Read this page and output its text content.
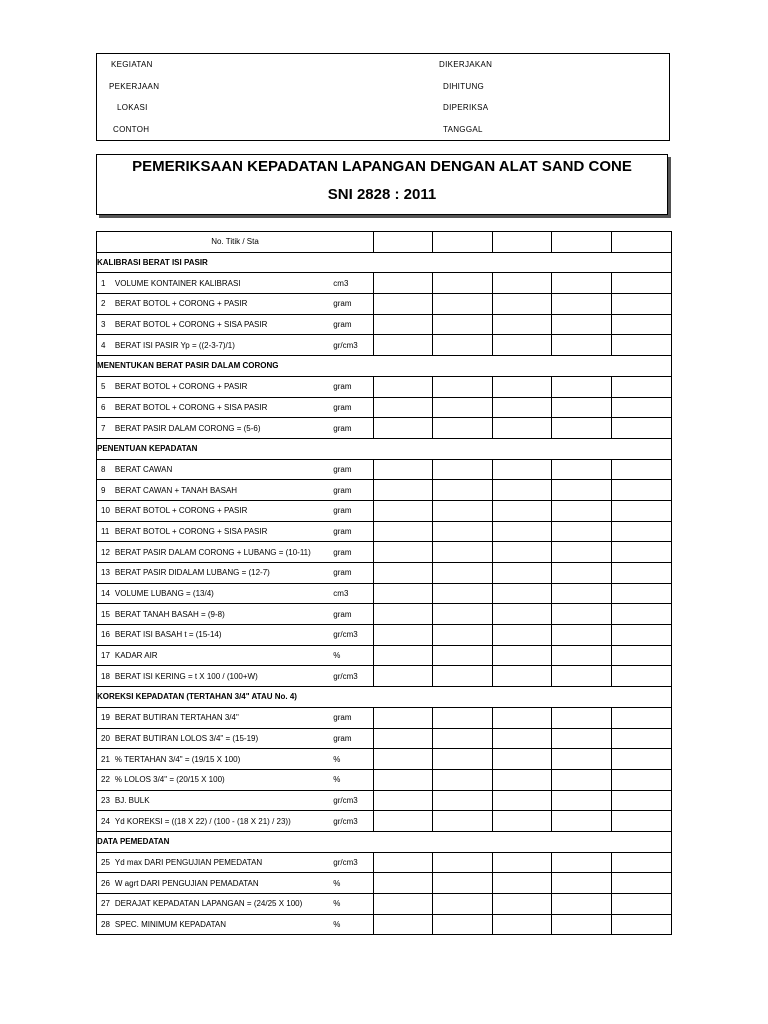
KEGIATAN
PEKERJAAN
LOKASI
CONTOH
DIKERJAKAN
DIHITUNG
DIPERIKSA
TANGGAL
PEMERIKSAAN KEPADATAN LAPANGAN DENGAN ALAT SAND CONE
SNI 2828 : 2011
No. Titik / Sta					
KALIBRASI BERAT ISI PASIR					

1 VOLUME KONTAINER KALIBRASI cm3					

2 BERAT BOTOL + CORONG + PASIR gram					

3 BERAT BOTOL + CORONG + SISA PASIR gram					

4 BERAT ISI PASIR Yp = ((2-3-7)/1) gr/cm3					

MENENTUKAN BERAT PASIR DALAM CORONG					

5 BERAT BOTOL + CORONG + PASIR gram					

6 BERAT BOTOL + CORONG + SISA PASIR gram					

7 BERAT PASIR DALAM CORONG = (5-6) gram					

PENENTUAN KEPADATAN					

8 BERAT CAWAN gram					

9 BERAT CAWAN + TANAH BASAH gram					

10 BERAT BOTOL + CORONG + PASIR gram					

11 BERAT BOTOL + CORONG + SISA PASIR gram					

12 BERAT PASIR DALAM CORONG + LUBANG = (10-11) gram					

13 BERAT PASIR DIDALAM LUBANG = (12-7) gram					

14 VOLUME LUBANG = (13/4) cm3					

15 BERAT TANAH BASAH = (9-8) gram					

16 BERAT ISI BASAH t = (15-14) gr/cm3					

17 KADAR AIR %					

18 BERAT ISI KERING = t X 100 / (100+W) gr/cm3					

KOREKSI KEPADATAN (TERTAHAN 3/4" ATAU No. 4)					

19 BERAT BUTIRAN TERTAHAN 3/4" gram					

20 BERAT BUTIRAN LOLOS 3/4" = (15-19) gram					

21 % TERTAHAN 3/4" = (19/15 X 100) %					

22 % LOLOS 3/4" = (20/15 X 100) %					

23 BJ. BULK gr/cm3					

24 Yd KOREKSI = ((18 X 22) / (100 - (18 X 21) / 23)) gr/cm3					

DATA PEMEDATAN					

25 Yd max DARI PENGUJIAN PEMEDATAN gr/cm3					

26 W agrt DARI PENGUJIAN PEMADATAN %					

27 DERAJAT KEPADATAN LAPANGAN = (24/25 X 100) %					

28 SPEC. MINIMUM KEPADATAN %					
